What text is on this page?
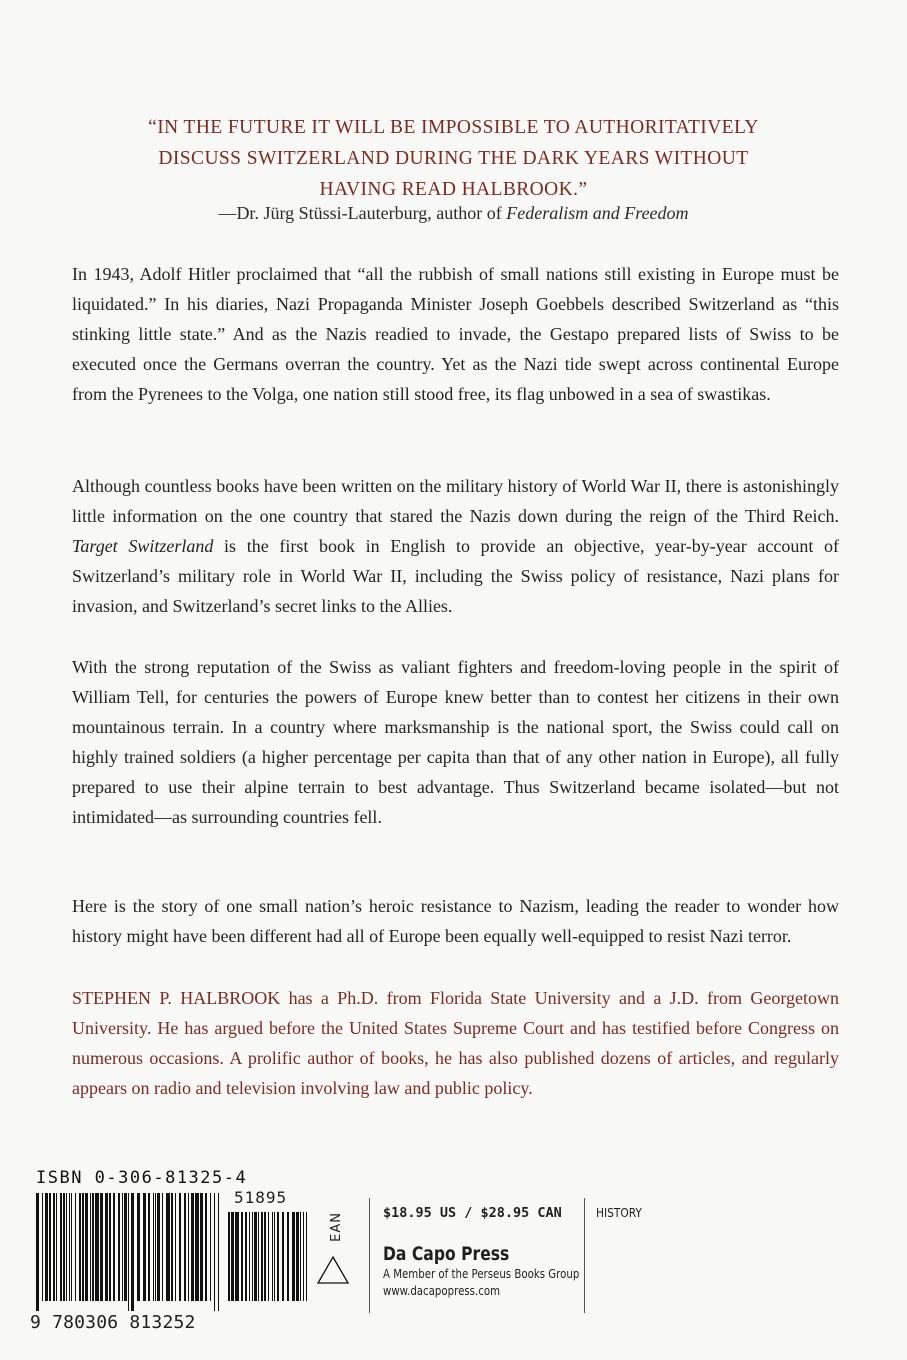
“IN THE FUTURE IT WILL BE IMPOSSIBLE TO AUTHORITATIVELY

DISCUSS SWITZERLAND DURING THE DARK YEARS WITHOUT

HAVING READ HALBROOK.”

—Dr. Jürg Stüssi-Lauterburg, author of Federalism and Freedom

In 1943, Adolf Hitler proclaimed that “all the rubbish of small nations still existing in Europe must be liquidated.” In his diaries, Nazi Propaganda Minister Joseph Goebbels described Switzerland as “this stinking little state.” And as the Nazis readied to invade, the Gestapo prepared lists of Swiss to be executed once the Germans overran the country. Yet as the Nazi tide swept across continental Europe from the Pyrenees to the Volga, one nation still stood free, its flag unbowed in a sea of swastikas.

Although countless books have been written on the military history of World War II, there is astonishingly little information on the one country that stared the Nazis down during the reign of the Third Reich. Target Switzerland is the first book in English to provide an objective, year-by-year account of Switzerland’s military role in World War II, including the Swiss policy of resistance, Nazi plans for invasion, and Switzerland’s secret links to the Allies.

With the strong reputation of the Swiss as valiant fighters and freedom-loving people in the spirit of William Tell, for centuries the powers of Europe knew better than to contest her citizens in their own mountainous terrain. In a country where marksmanship is the national sport, the Swiss could call on highly trained soldiers (a higher percentage per capita than that of any other nation in Europe), all fully prepared to use their alpine terrain to best advantage. Thus Switzerland became isolated—but not intimidated—as surrounding countries fell.

Here is the story of one small nation’s heroic resistance to Nazism, leading the reader to wonder how history might have been different had all of Europe been equally well-equipped to resist Nazi terror.

STEPHEN P. HALBROOK has a Ph.D. from Florida State University and a J.D. from Georgetown University. He has argued before the United States Supreme Court and has testified before Congress on numerous occasions. A prolific author of books, he has also published dozens of articles, and regularly appears on radio and television involving law and public policy.

ISBN 0-306-81325-4
51895
9 780306 813252
EAN	$18.95 US / $28.95 CAN
Da Capo Press
A Member of the Perseus Books Group
www.dacapopress.com
HISTORY
